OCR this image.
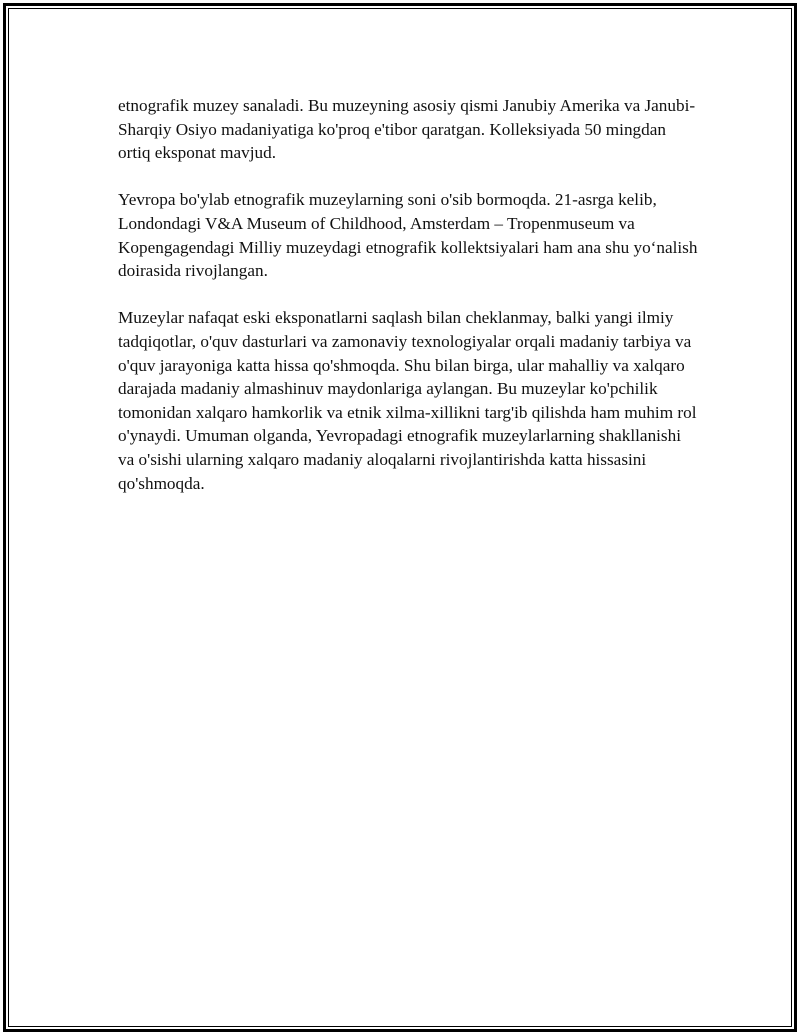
etnografik muzey sanaladi. Bu muzeyning asosiy qismi Janubiy Amerika va Janubi-Sharqiy Osiyo madaniyatiga ko'proq e'tibor qaratgan. Kolleksiyada 50 mingdan ortiq eksponat mavjud.

Yevropa bo'ylab etnografik muzeylarning soni o'sib bormoqda. 21-asrga kelib, Londondagi V&A Museum of Childhood, Amsterdam – Tropenmuseum va Kopengagendagi Milliy muzeydagi etnografik kollektsiyalari ham ana shu yo‘nalish doirasida rivojlangan.

Muzeylar nafaqat eski eksponatlarni saqlash bilan cheklanmay, balki yangi ilmiy tadqiqotlar, o'quv dasturlari va zamonaviy texnologiyalar orqali madaniy tarbiya va o'quv jarayoniga katta hissa qo'shmoqda. Shu bilan birga, ular mahalliy va xalqaro darajada madaniy almashinuv maydonlariga aylangan. Bu muzeylar ko'pchilik tomonidan xalqaro hamkorlik va etnik xilma-xillikni targ'ib qilishda ham muhim rol o'ynaydi. Umuman olganda, Yevropadagi etnografik muzeylarlarning shakllanishi va o'sishi ularning xalqaro madaniy aloqalarni rivojlantirishda katta hissasini qo'shmoqda.
